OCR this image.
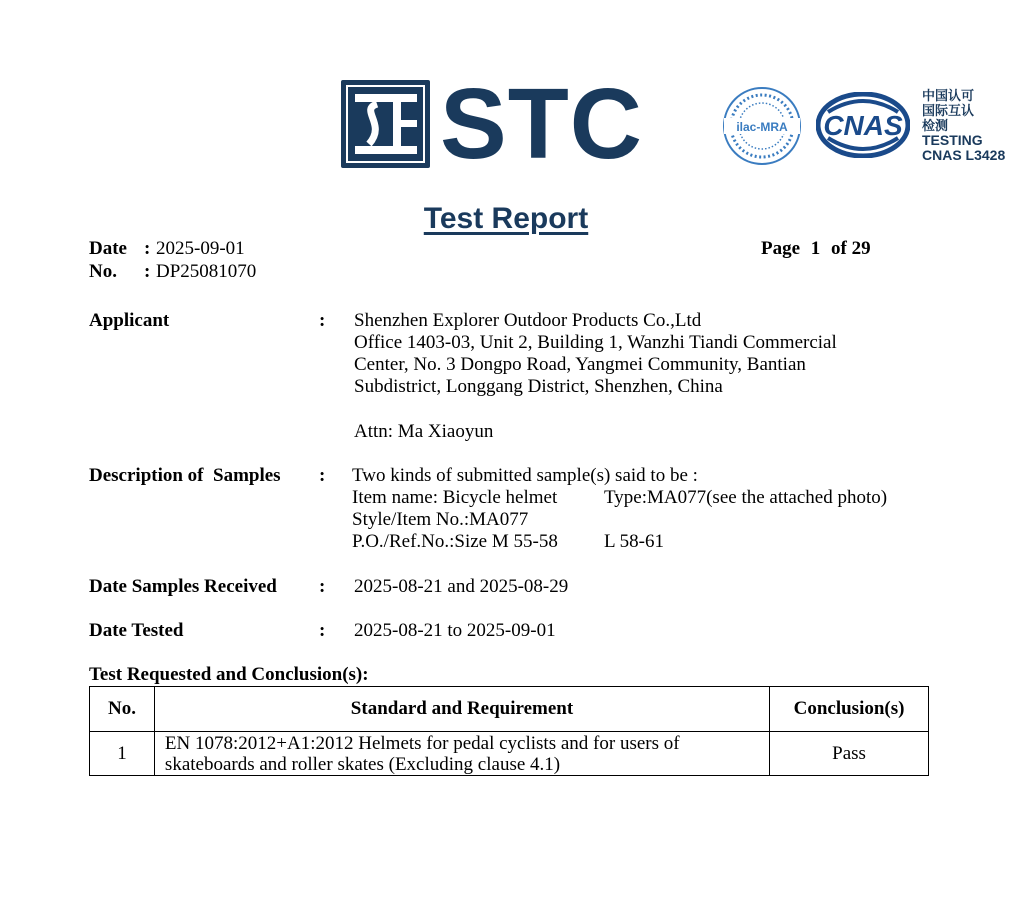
STC	ilac-MRA CNAS
中国认可
国际互认
检测
TESTING
CNAS L3428
Test Report
Date : 2025-09-01
No. : DP25081070
Page 1 of 29
Applicant	: Shenzhen Explorer Outdoor Products Co.,Ltd
Office 1403-03, Unit 2, Building 1, Wanzhi Tiandi Commercial
Center, No. 3 Dongpo Road, Yangmei Community, Bantian
Subdistrict, Longgang District, Shenzhen, China
Attn: Ma Xiaoyun
Description of  Samples : Two kinds of submitted sample(s) said to be :
Item name: Bicycle helmet Type:MA077(see the attached photo)
Style/Item No.:MA077
P.O./Ref.No.:Size M 55-58 L 58-61
Date Samples Received : 2025-08-21 and 2025-08-29
Date Tested	: 2025-08-21 to 2025-09-01
Test Requested and Conclusion(s):
No.	Standard and Requirement	Conclusion(s)
1	EN 1078:2012+A1:2012 Helmets for pedal cyclists and for users of
skateboards and roller skates (Excluding clause 4.1)	Pass
